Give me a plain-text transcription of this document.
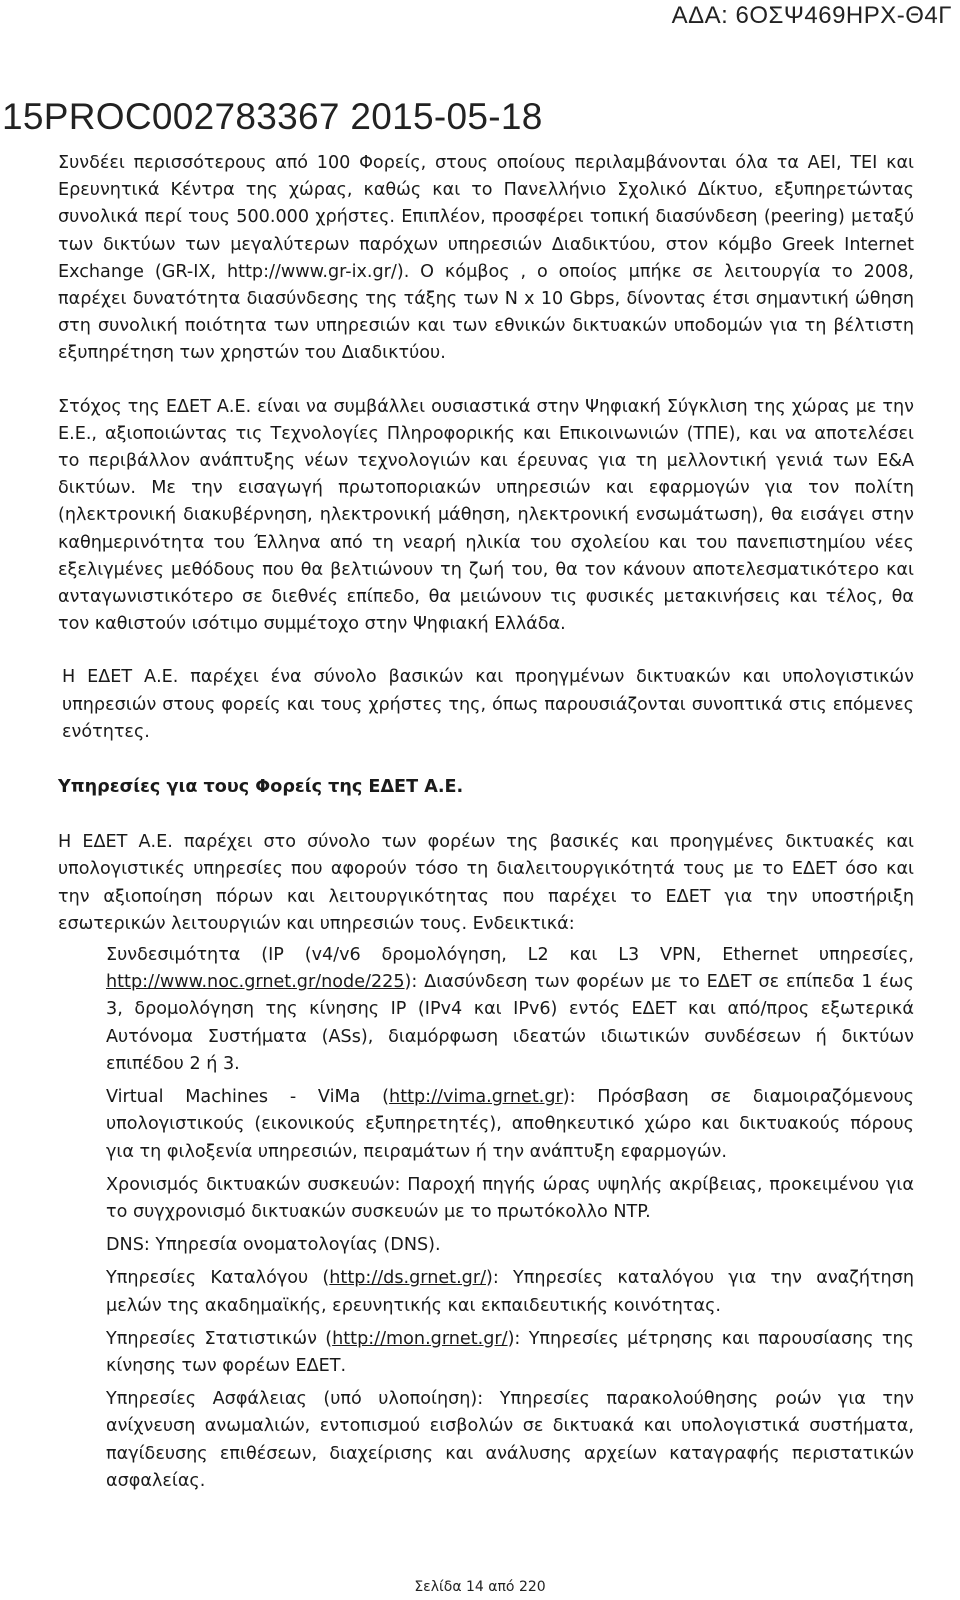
ΑΔΑ: 6ΟΣΨ469ΗΡΧ-Θ4Γ
15PROC002783367 2015-05-18

Συνδέει περισσότερους από 100 Φορείς, στους οποίους περιλαμβάνονται όλα τα ΑΕΙ, ΤΕΙ και Ερευνητικά Κέντρα της χώρας, καθώς και το Πανελλήνιο Σχολικό Δίκτυο, εξυπηρετώντας συνολικά περί τους 500.000 χρήστες. Επιπλέον, προσφέρει τοπική διασύνδεση (peering) μεταξύ των δικτύων των μεγαλύτερων παρόχων υπηρεσιών Διαδικτύου, στον κόμβο Greek Internet Exchange (GR-IX, http://www.gr-ix.gr/). Ο κόμβος , ο οποίος μπήκε σε λειτουργία το 2008, παρέχει δυνατότητα διασύνδεσης της τάξης των N x 10 Gbps, δίνοντας έτσι σημαντική ώθηση στη συνολική ποιότητα των υπηρεσιών και των εθνικών δικτυακών υποδομών για τη βέλτιστη εξυπηρέτηση των χρηστών του Διαδικτύου.

Στόχος της ΕΔΕΤ Α.Ε. είναι να συμβάλλει ουσιαστικά στην Ψηφιακή Σύγκλιση της χώρας με την Ε.Ε., αξιοποιώντας τις Τεχνολογίες Πληροφορικής και Επικοινωνιών (ΤΠΕ), και να αποτελέσει το περιβάλλον ανάπτυξης νέων τεχνολογιών και έρευνας για τη μελλοντική γενιά των Ε&Α δικτύων. Με την εισαγωγή πρωτοποριακών υπηρεσιών και εφαρμογών για τον πολίτη (ηλεκτρονική διακυβέρνηση, ηλεκτρονική μάθηση, ηλεκτρονική ενσωμάτωση), θα εισάγει στην καθημερινότητα του Έλληνα από τη νεαρή ηλικία του σχολείου και του πανεπιστημίου νέες εξελιγμένες μεθόδους που θα βελτιώνουν τη ζωή του, θα τον κάνουν αποτελεσματικότερο και ανταγωνιστικότερο σε διεθνές επίπεδο, θα μειώνουν τις φυσικές μετακινήσεις και τέλος, θα τον καθιστούν ισότιμο συμμέτοχο στην Ψηφιακή Ελλάδα.

Η ΕΔΕΤ Α.Ε. παρέχει ένα σύνολο βασικών και προηγμένων δικτυακών και υπολογιστικών υπηρεσιών στους φορείς και τους χρήστες της, όπως παρουσιάζονται συνοπτικά στις επόμενες ενότητες.

Υπηρεσίες για τους Φορείς της ΕΔΕΤ Α.Ε.

Η ΕΔΕΤ Α.Ε. παρέχει στο σύνολο των φορέων της βασικές και προηγμένες δικτυακές και υπολογιστικές υπηρεσίες που αφορούν τόσο τη διαλειτουργικότητά τους με το ΕΔΕΤ όσο και την αξιοποίηση πόρων και λειτουργικότητας που παρέχει το ΕΔΕΤ για την υποστήριξη εσωτερικών λειτουργιών και υπηρεσιών τους. Ενδεικτικά:

Συνδεσιμότητα (IP (v4/v6 δρομολόγηση, L2 και L3 VPN, Ethernet υπηρεσίες, http://www.noc.grnet.gr/node/225): Διασύνδεση των φορέων με το ΕΔΕΤ σε επίπεδα 1 έως 3, δρομολόγηση της κίνησης IP (IPv4 και IPv6) εντός ΕΔΕΤ και από/προς εξωτερικά Αυτόνομα Συστήματα (ASs), διαμόρφωση ιδεατών ιδιωτικών συνδέσεων ή δικτύων επιπέδου 2 ή 3.
Virtual Machines - ViMa (http://vima.grnet.gr): Πρόσβαση σε διαμοιραζόμενους υπολογιστικούς (εικονικούς εξυπηρετητές), αποθηκευτικό χώρο και δικτυακούς πόρους για τη φιλοξενία υπηρεσιών, πειραμάτων ή την ανάπτυξη εφαρμογών.
Χρονισμός δικτυακών συσκευών: Παροχή πηγής ώρας υψηλής ακρίβειας, προκειμένου για το συγχρονισμό δικτυακών συσκευών με το πρωτόκολλο NTP.
DNS: Υπηρεσία ονοματολογίας (DNS).
Υπηρεσίες Καταλόγου (http://ds.grnet.gr/): Υπηρεσίες καταλόγου για την αναζήτηση μελών της ακαδημαϊκής, ερευνητικής και εκπαιδευτικής κοινότητας.
Υπηρεσίες Στατιστικών (http://mon.grnet.gr/): Υπηρεσίες μέτρησης και παρουσίασης της κίνησης των φορέων ΕΔΕΤ.
Υπηρεσίες Ασφάλειας (υπό υλοποίηση): Υπηρεσίες παρακολούθησης ροών για την ανίχνευση ανωμαλιών, εντοπισμού εισβολών σε δικτυακά και υπολογιστικά συστήματα, παγίδευσης επιθέσεων, διαχείρισης και ανάλυσης αρχείων καταγραφής περιστατικών ασφαλείας.
Σελίδα 14 από 220
